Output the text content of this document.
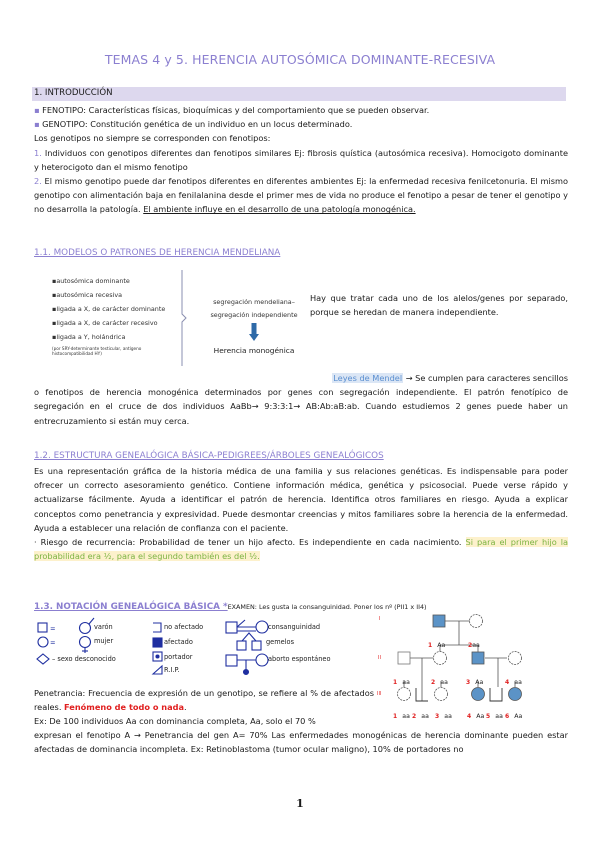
TEMAS 4 y 5. HERENCIA AUTOSÓMICA DOMINANTE-RECESIVA
1. INTRODUCCIÓN
▪ FENOTIPO: Características físicas, bioquímicas y del comportamiento que se pueden observar.
▪ GENOTIPO: Constitución genética de un individuo en un locus determinado.
Los genotipos no siempre se corresponden con fenotipos:
1. Individuos con genotipos diferentes dan fenotipos similares Ej: fibrosis quística (autosómica recesiva). Homocigoto dominante y heterocigoto dan el mismo fenotipo
2. El mismo genotipo puede dar fenotipos diferentes en diferentes ambientes Ej: la enfermedad recesiva fenilcetonuria. El mismo genotipo con alimentación baja en fenilalanina desde el primer mes de vida no produce el fenotipo a pesar de tener el genotipo y no desarrolla la patología. El ambiente influye en el desarrollo de una patología monogénica.
1.1. MODELOS O PATRONES DE HERENCIA MENDELIANA
▪autosómica dominante
▪autosómica recesiva
▪ligada a X, de carácter dominante
▪ligada a X, de carácter recesivo
▪ligada a Y, holándrica
(por SRY-determinante testicular, antígeno histocompatibilidad HY)
segregación mendeliana–
segregación independiente
Herencia monogénica
Hay que tratar cada uno de los alelos/genes por separado, porque se heredan de manera independiente.
Leyes de Mendel → Se cumplen para caracteres sencillos
o fenotipos de herencia monogénica determinados por genes con segregación independiente. El patrón fenotípico de segregación en el cruce de dos individuos AaBb→ 9:3:3:1→ AB:Ab:aB:ab. Cuando estudiemos 2 genes puede haber un entrecruzamiento si están muy cerca.
1.2. ESTRUCTURA GENEALÓGICA BÁSICA-PEDIGREES/ÁRBOLES GENEALÓGICOS
Es una representación gráfica de la historia médica de una familia y sus relaciones genéticas. Es indispensable para poder ofrecer un correcto asesoramiento genético. Contiene información médica, genética y psicosocial. Puede verse rápido y actualizarse fácilmente. Ayuda a identificar el patrón de herencia. Identifica otros familiares en riesgo. Ayuda a explicar conceptos como penetrancia y expresividad. Puede desmontar creencias y mitos familiares sobre la herencia de la enfermedad. Ayuda a establecer una relación de confianza con el paciente.
· Riesgo de recurrencia: Probabilidad de tener un hijo afecto. Es independiente en cada nacimiento. Si para el primer hijo la probabilidad era ½, para el segundo también es del ½.
1.3. NOTACIÓN GENEALÓGICA BÁSICA *EXAMEN: Les gusta la consanguinidad. Poner los nº (PII1 x II4)
=
=
varón
mujer
– sexo desconocido
no afectado
afectado
portador
R.I.P.
consanguinidad
gemelos
aborto espontáneo
I
II
III
1 Aa	2aa
1 aa	2 aa	3 Aa	4 aa
1 aa 2 aa 3 aa	4 Aa 5 aa 6 Aa
Penetrancia: Frecuencia de expresión de un genotipo, se refiere al % de afectados reales. Fenómeno de todo o nada.
Ex: De 100 individuos Aa con dominancia completa, Aa, solo el 70 %
expresan el fenotipo A → Penetrancia del gen A= 70% Las enfermedades monogénicas de herencia dominante pueden estar afectadas de dominancia incompleta. Ex: Retinoblastoma (tumor ocular maligno), 10% de portadores no
1
